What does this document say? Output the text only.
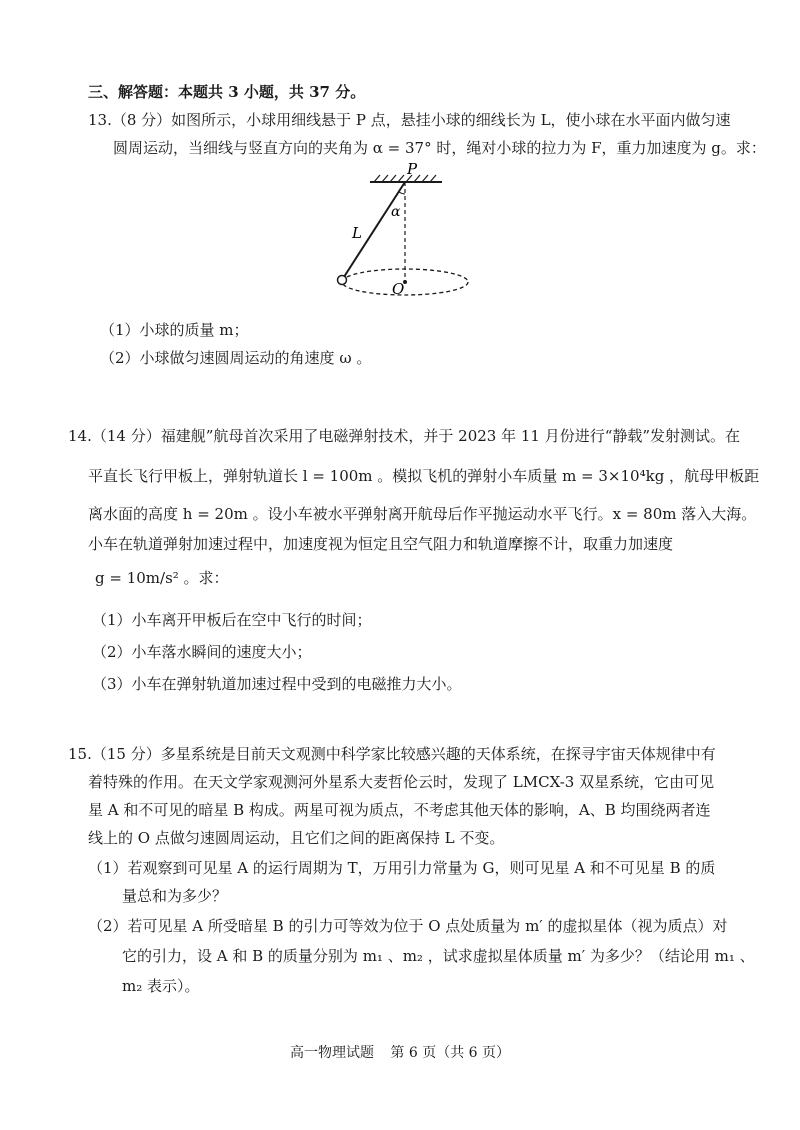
三、解答题：本题共 3 小题，共 37 分。
13.（8 分）如图所示，小球用细线悬于 P 点，悬挂小球的细线长为 L，使小球在水平面内做匀速
圆周运动，当细线与竖直方向的夹角为 α = 37° 时，绳对小球的拉力为 F，重力加速度为 g。求：
P
α
L
O
（1）小球的质量 m；
（2）小球做匀速圆周运动的角速度 ω 。
14.（14 分）福建舰”航母首次采用了电磁弹射技术，并于 2023 年 11 月份进行“静载”发射测试。在
平直长飞行甲板上，弹射轨道长 l = 100m 。模拟飞机的弹射小车质量 m = 3×10⁴kg ，航母甲板距
离水面的高度 h = 20m 。设小车被水平弹射离开航母后作平抛运动水平飞行。x = 80m 落入大海。
小车在轨道弹射加速过程中，加速度视为恒定且空气阻力和轨道摩擦不计，取重力加速度
g = 10m/s² 。求：
（1）小车离开甲板后在空中飞行的时间；
（2）小车落水瞬间的速度大小；
（3）小车在弹射轨道加速过程中受到的电磁推力大小。
15.（15 分）多星系统是目前天文观测中科学家比较感兴趣的天体系统，在探寻宇宙天体规律中有
着特殊的作用。在天文学家观测河外星系大麦哲伦云时，发现了 LMCX-3 双星系统，它由可见
星 A 和不可见的暗星 B 构成。两星可视为质点，不考虑其他天体的影响，A、B 均围绕两者连
线上的 O 点做匀速圆周运动，且它们之间的距离保持 L 不变。
（1）若观察到可见星 A 的运行周期为 T，万用引力常量为 G，则可见星 A 和不可见星 B 的质
量总和为多少？
（2）若可见星 A 所受暗星 B 的引力可等效为位于 O 点处质量为 m′ 的虚拟星体（视为质点）对
它的引力，设 A 和 B 的质量分别为 m₁ 、m₂ ，试求虚拟星体质量 m′ 为多少？（结论用 m₁ 、
m₂ 表示）。
高一物理试题 第 6 页（共 6 页）
